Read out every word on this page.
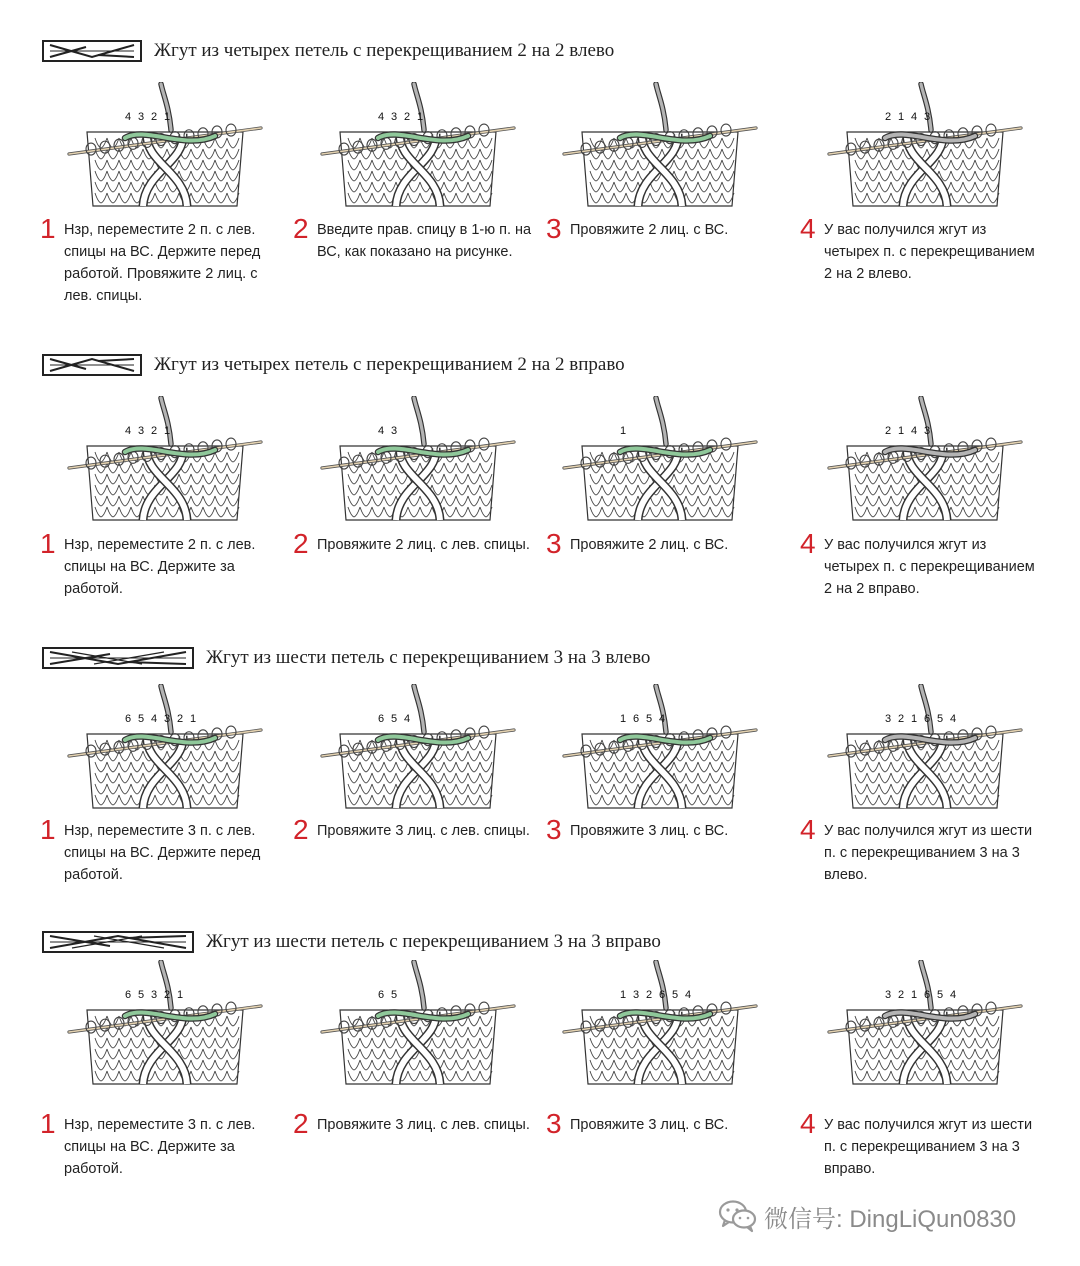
Жгут из четырех петель с перекрещиванием 2 на 2 влево
1 Нзр, переместите 2 п. с лев. спицы на ВС. Держите перед работой. Провяжите 2 лиц. с лев. спицы.
2 Введите прав. спицу в 1-ю п. на ВС, как показано на рисунке.
3 Провяжите 2 лиц. с ВС.	4 У вас получился жгут из четырех п. с перекрещиванием 2 на 2 влево.
Жгут из четырех петель с перекрещиванием 2 на 2 вправо
1 Нзр, переместите 2 п. с лев. спицы на ВС. Держите за работой.
2 Провяжите 2 лиц. с лев. спицы. 3 Провяжите 2 лиц. с ВС.	4 У вас получился жгут из четырех п. с перекрещиванием 2 на 2 вправо.
Жгут из шести петель с перекрещиванием 3 на 3 влево
1 Нзр, переместите 3 п. с лев. спицы на ВС. Держите перед работой.
2 Провяжите 3 лиц. с лев. спицы. 3 Провяжите 3 лиц. с ВС.	4 У вас получился жгут из шести п. с перекрещиванием 3 на 3 влево.
Жгут из шести петель с перекрещиванием 3 на 3 вправо
1 Нзр, переместите 3 п. с лев. спицы на ВС. Держите за работой.
2 Провяжите 3 лиц. с лев. спицы. 3 Провяжите 3 лиц. с ВС.	4 У вас получился жгут из шести п. с перекрещиванием 3 на 3 вправо.
4 3 2 1	4 3 2 1	2 1 4 3
4 3 2 1	4 3	1	2 1 4 3
6 5 4 3 2 1	6 5 4	1 6 5 4	3 2 1 6 5 4
6 5 3 2 1	6 5	1 3 2 6 5 4	3 2 1 6 5 4
微信号: DingLiQun0830
